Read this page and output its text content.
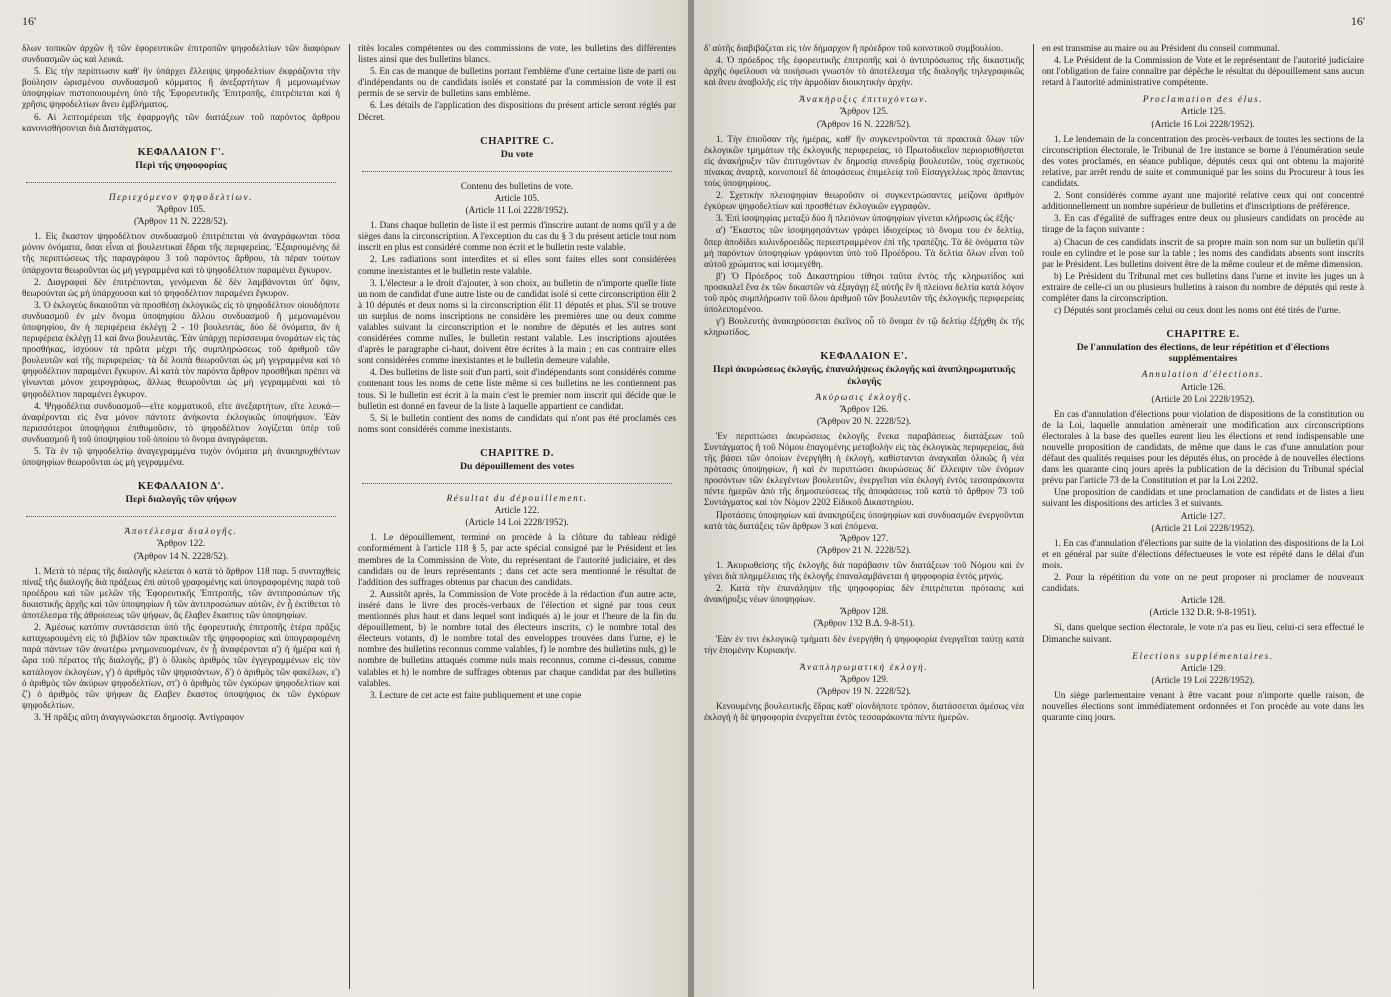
16'

δλων τοπικῶν ἀρχῶν ἢ τῶν ἐφορευτικῶν ἐπιτροπῶν ψηφοδελτίων τῶν διαφόρων συνδυασμῶν ὡς καὶ λευκά.

5. Εἰς τὴν περίπτωσιν καθ' ἣν ὑπάρχει ἔλλειψις ψηφοδελτίων ἐκφράζοντα τὴν βούλησιν ὡρισμένου συνδυασμοῦ κόμματος ἢ ἀνεξαρτήτων ἢ μεμονωμένων ὑποψηφίων πιστοποιουμένη ὑπὸ τῆς Ἐφορευτικῆς Ἐπιτροπῆς, ἐπιτρέπεται καὶ ἡ χρῆσις ψηφοδελτίων ἄνευ ἐμβλήματος.

6. Αἱ λεπτομέρειαι τῆς ἐφαρμογῆς τῶν διατάξεων τοῦ παρόντος ἄρθρου κανονισθήσονται διὰ Διατάγματος.

ΚΕΦΑΛΑΙΟΝ Γ'.
Περὶ τῆς ψηφοφορίας
Περιεχόμενον ψηφοδελτίων.
Ἄρθρον 105.
(Ἄρθρον 11 Ν. 2228/52).

1. Εἰς ἕκαστον ψηφοδέλτιον συνδυασμοῦ ἐπιτρέπεται νὰ ἀναγράφωνται τόσα μόνον ὀνόματα, ὅσαι εἶναι αἱ βουλευτικαὶ ἕδραι τῆς περιφερείας. Ἐξαιρουμένης δὲ τῆς περιπτώσεως τῆς παραγράφου 3 τοῦ παρόντος ἄρθρου, τὰ πέραν τούτων ὑπάρχοντα θεωροῦνται ὡς μὴ γεγραμμένα καὶ τὸ ψηφοδέλτιον παραμένει ἔγκυρον.

2. Διαγραφαὶ δὲν ἐπιτρέπονται, γενόμεναι δὲ δὲν λαμβάνονται ὑπ' ὄψιν, θεωρούνται ὡς μὴ ὑπάρχουσαι καὶ τὸ ψηφοδέλτιον παραμένει ἔγκυρον.

3. Ὁ ἐκλογεὺς δικαιοῦται νὰ προσθέσῃ ἐκλογικῶς εἰς τὸ ψηφοδέλτιον οἱουδήποτε συνδυασμοῦ ἐν μὲν ὄνομα ὑποψηφίου ἄλλου συνδυασμοῦ ἢ μεμονωμένου ὑποψηφίου, ἂν ἡ περιφέρεια ἐκλέγῃ 2 - 10 βουλευτάς, δύο δὲ ὀνόματα, ἂν ἡ περιφέρεια ἐκλέγῃ 11 καὶ ἄνω βουλευτάς. Ἐὰν ὑπάρχῃ περίσσευμα ὀνομάτων εἰς τὰς προσθήκας, ἰσχύουν τὰ πρῶτα μέχρι τῆς συμπληρώσεως τοῦ ἀριθμοῦ τῶν βουλευτῶν καὶ τῆς περιφερείας· τὰ δὲ λοιπὰ θεωροῦνται ὡς μὴ γεγραμμένα καὶ τὸ ψηφοδέλτιον παραμένει ἔγκυρον. Αἱ κατὰ τὸν παρόντα ἄρθρον προσθῆκαι πρέπει νὰ γίνωνται μόνον χειρογράφως, ἄλλως θεωροῦνται ὡς μὴ γεγραμμέναι καὶ τὸ ψηφοδέλτιον παραμένει ἔγκυρον.

4. Ψηφοδέλτια συνδυασμοῦ—εἴτε κομματικοῦ, εἴτε ἀνεξαρτήτων, εἴτε λευκά—ἀναφέρονται εἰς ἕνα μόνον πάντοτε ἀνήκοντα ἐκλογικῶς ὑποψήφιον. Ἐὰν περισσότεροι ὑποψήφιοι ἐπιθυμοῦσιν, τὸ ψηφοδέλτιον λογίζεται ὑπὲρ τοῦ συνδυασμοῦ ἢ τοῦ ὑποψηφίου τοῦ ὁποίου τὸ ὄνομα ἀναγράφεται.

5. Τὰ ἐν τῷ ψηφοδελτίῳ ἀναγεγραμμένα τυχὸν ὀνόματα μὴ ἀνακηρυχθέντων ὑποψηφίων θεωροῦνται ὡς μὴ γεγραμμένα.

ΚΕΦΑΛΑΙΟΝ Δ'.
Περὶ διαλογῆς τῶν ψήφων
Ἀποτέλεσμα διαλογῆς.
Ἄρθρον 122.
(Ἄρθρον 14 Ν. 2228/52).

1. Μετὰ τὸ πέρας τῆς διαλογῆς κλείεται ὁ κατὰ τὸ ἄρθρον 118 παρ. 5 συνταχθεὶς πίναξ τῆς διαλογῆς διὰ πράξεως ἐπὶ αὐτοῦ γραφομένης καὶ ὑπογραφομένης παρὰ τοῦ προέδρου καὶ τῶν μελῶν τῆς Ἐφορευτικῆς Ἐπιτροπῆς, τῶν ἀντιπροσώπων τῆς δικαστικῆς ἀρχῆς καὶ τῶν ὑποψηφίων ἢ τῶν ἀντιπροσώπων αὐτῶν, ἐν ᾗ ἐκτίθεται τὸ ἀποτέλεσμα τῆς ἀθροίσεως τῶν ψήφων, ἃς ἔλαβεν ἕκαστος τῶν ὑποψηφίων.

2. Ἀμέσως κατόπιν συντάσσεται ὑπὸ τῆς ἐφορευτικῆς ἐπιτροπῆς ἑτέρα πρᾶξις καταχωρουμένη εἰς τὸ βιβλίον τῶν πρακτικῶν τῆς ψηφοφορίας καὶ ὑπογραφομένη παρὰ πάντων τῶν ἀνωτέρω μνημονευομένων, ἐν ᾗ ἀναφέρονται α') ἡ ἡμέρα καὶ ἡ ὥρα τοῦ πέρατος τῆς διαλογῆς, β') ὁ ὅλικὸς ἀριθμὸς τῶν ἐγγεγραμμένων εἰς τὸν κατάλογον ἐκλογέων, γ') ὁ ἀριθμὸς τῶν ψηφισάντων, δ') ὁ ἀριθμὸς τῶν φακέλων, ε') ὁ ἀριθμὸς τῶν ἀκύρων ψηφοδελτίων, στ') ὁ ἀριθμὸς τῶν ἐγκύρων ψηφοδελτίων καὶ ζ') ὁ ἀριθμὸς τῶν ψήφων ἃς ἔλαβεν ἕκαστος ὑποψήφιος ἐκ τῶν ἐγκύρων ψηφοδελτίων.

3. Ἡ πρᾶξις αὕτη ἀναγιγνώσκεται δημοσίᾳ. Ἀντίγραφον

ritès locales compétentes ou des commissions de vote, les bulletins des différentes listes ainsi que des bulletins blancs.

5. En cas de manque de bulletins portant l'emblème d'une certaine liste de parti ou d'indépendants ou de candidats isolés et constaté par la commission de vote il est permis de se servir de bulletins sans emblème.

6. Les détails de l'application des dispositions du présent article seront réglés par Décret.

CHAPITRE C.
Du vote
Contenu des bulletins de vote.
Article 105.
(Article 11 Loi 2228/1952).

1. Dans chaque bulletin de liste il est permis d'inscrire autant de noms qu'il y a de sièges dans la circonscription. A l'exception du cas du § 3 du présent article tout nom inscrit en plus est considéré comme non écrit et le bulletin reste valable.

2. Les radiations sont interdites et si elles sont faites elles sont considérées comme inexistantes et le bulletin reste valable.

3. L'électeur a le droit d'ajouter, à son choix, au bulletin de n'importe quelle liste un nom de candidat d'une autre liste ou de candidat isolé si cette circonscription élit 2 à 10 députés et deux noms si la circonscription élit 11 députés et plus. S'il se trouve un surplus de noms inscriptions ne considère les premières une ou deux comme valables suivant la circonscription et le nombre de députés et les autres sont considérées comme nulles, le bulletin restant valable. Les inscriptions ajoutées d'après le paragraphe ci-haut, doivent être écrites à la main ; en cas contraire elles sont considérées comme inexistantes et le bulletin demeure valable.

4. Des bulletins de liste soit d'un parti, soit d'indépendants sont considérés comme contenant tous les noms de cette liste même si ces bulletins ne les contiennent pas tous. Si le bulletin est écrit à la main c'est le premier nom inscrit qui décide que le bulletin est donné en faveur de la liste à laquelle appartient ce candidat.

5. Si le bulletin contient des noms de candidats qui n'ont pas été proclamés ces noms sont considérés comme inexistants.

CHAPITRE D.
Du dépouillement des votes
Résultat du dépouillement.
Article 122.
(Article 14 Loi 2228/1952).

1. Le dépouillement, terminé on procède à la clôture du tableau rédigé conformément à l'article 118 § 5, par acte spécial consigné par le Président et les membres de la Commission de Vote, du représentant de l'autorité judiciaire, et des candidats ou de leurs représentants ; dans cet acte sera mentionné le résultat de l'addition des suffrages obtenus par chacun des candidats.

2. Aussitôt après, la Commission de Vote procède à la rédaction d'un autre acte, inséré dans le livre des procès-verbaux de l'élection et signé par tous ceux mentionnés plus haut et dans lequel sont indiqués a) le jour et l'heure de la fin du dépouillement, b) le nombre total des électeurs inscrits, c) le nombre total des électeurs votants, d) le nombre total des enveloppes trouvées dans l'urne, e) le nombre des bulletins reconnus comme valables, f) le nombre des bulletins nuls, g) le nombre de bulletins attaqués comme nuls mais reconnus, comme ci-dessus, comme valables et h) le nombre de suffrages obtenus par chaque candidat par des bulletins valables.

3. Lecture de cet acte est faite publiquement et une copie

16'

δ' αὐτῆς διαβιβάζεται εἰς τὸν δήμαρχον ἢ πρόεδρον τοῦ κοινοτικοῦ συμβουλίου.

4. Ὁ πρόεδρος τῆς ἐφορευτικῆς ἐπιτροπῆς καὶ ὁ ἀντιπρόσωπος τῆς δικαστικῆς ἀρχῆς ὀφείλουσι νὰ ποιήσωσι γνωστὸν τὸ ἀποτέλεσμα τῆς διαλογῆς τηλεγραφικῶς καὶ ἄνευ ἀναβολῆς εἰς τὴν ἁρμοδίαν διοικητικὴν ἀρχήν.

Ἀνακήρυξις ἐπιτυχόντων.
Ἄρθρον 125.
(Ἄρθρον 16 Ν. 2228/52).

1. Τὴν ἐπιοῦσαν τῆς ἡμέρας, καθ' ἣν συγκεντροῦνται τὰ πρακτικὰ ὅλων τῶν ἐκλογικῶν τμημάτων τῆς ἐκλογικῆς περιφερείας, τὸ Πρωτοδικεῖον περιορισθήσεται εἰς ἀνακήρυξιν τῶν ἐπιτυχόντων ἐν δημοσίᾳ συνεδρίᾳ βουλευτῶν, τοὺς σχετικοὺς πίνακας ἀναρτᾷ, κοινοποιεῖ δὲ ἀποφάσεως ἐπιμελείᾳ τοῦ Εἰσαγγελέως πρὸς ἅπαντας τοὺς ὑποψηφίους.

2. Σχετικὴν πλειοψηφίαν θεωροῦσιν οἱ συγκεντρώσαντες μείζονα ἀριθμὸν ἐγκύρων ψηφοδελτίων καὶ προσθέτων ἐκλογικῶν εγγραφῶν.

3. Ἐπὶ ἰσοψηφίας μεταξὺ δύο ἢ πλειόνων ὑποψηφίων γίνεται κλήρωσις ὡς ἑξῆς·

α') Ἕκαστος τῶν ἰσοψηφησάντων γράφει ἰδιοχείρως τὸ ὄνομα του ἐν δελτίῳ, ὅπερ ἀποδίδει κυλινδροειδῶς περιεστραμμένον ἐπὶ τῆς τραπέζης. Τὰ δὲ ὀνόματα τῶν μὴ παρόντων ὑποψηφίων γράφονται ὑπὸ τοῦ Προέδρου. Τὰ δελτία ὅλων εἶναι τοῦ αὐτοῦ χρώματος καὶ ἰσομεγέθη.

β') Ὁ Πρόεδρος τοῦ Δικαστηρίου τίθησι ταῦτα ἐντὸς τῆς κληρωτίδος καὶ προσκαλεῖ ἕνα ἐκ τῶν δικαστῶν νὰ ἐξαγάγῃ ἐξ αὐτῆς ἓν ἢ πλείονα δελτία κατὰ λόγον τοῦ πρὸς συμπλήρωσιν τοῦ ὅλου ἀριθμοῦ τῶν βουλευτῶν τῆς ἐκλογικῆς περιφερείας ὑπολειπομένου.

γ') Βουλευτὴς ἀνακηρύσσεται ἐκεῖνος οὗ τὸ ὄνομα ἐν τῷ δελτίῳ ἐξήχθη ἐκ τῆς κληρωτίδος.

ΚΕΦΑΛΑΙΟΝ Ε'.
Περὶ ἀκυρώσεως ἐκλογῆς, ἐπαναλήψεως ἐκλογῆς καὶ ἀναπληρωματικῆς ἐκλογῆς
Ἀκύρωσις ἐκλογῆς.
Ἄρθρον 126.
(Ἄρθρον 20 Ν. 2228/52).

Ἐν περιπτώσει ἀκυρώσεως ἐκλογῆς ἕνεκα παραβάσεως διατάξεων τοῦ Συντάγματος ἢ τοῦ Νόμου ἐπαγομένης μεταβολὴν εἰς τὰς ἐκλογικὰς περιφερείας, διὰ τῆς βάσει τῶν ὁποίων ἐνεργήθη ἡ ἐκλογή, καθίστανται ἀναγκαῖαι ὁλικῶς ἢ νέα πρότασις ὑποψηφίων, ἢ καὶ ἐν περιπτώσει ἀκυρώσεως δι' ἔλλειψιν τῶν ἐνόμων προσόντων τῶν ἐκλεγέντων βουλευτῶν, ἐνεργεῖται νέα ἐκλογὴ ἐντὸς τεσσαράκοντα πέντε ἡμερῶν ἀπὸ τῆς δημοσιεύσεως τῆς ἀποφάσεως τοῦ κατὰ τὸ ἄρθρον 73 τοῦ Συντάγματος καὶ τὸν Νόμον 2202 Εἰδικοῦ Δικαστηρίου.

Προτάσεις ὑποψηφίων καὶ ἀνακηρύξεις ὑποψηφίων καὶ συνδυασμῶν ἐνεργοῦνται κατὰ τὰς διατάξεις τῶν ἄρθρων 3 καὶ ἐπόμενα.

Ἄρθρον 127.
(Ἄρθρον 21 Ν. 2228/52).

1. Ἀκυρωθείσης τῆς ἐκλογῆς διὰ παράβασιν τῶν διατάξεων τοῦ Νόμου καὶ ἐν γένει διὰ πλημμέλειας τῆς ἐκλογῆς ἐπαναλαμβάνεται ἡ ψηφοφορία ἐντὸς μηνός.

2. Κατὰ τὴν ἐπανάληψιν τῆς ψηφοφορίας δὲν ἐπιτρέπεται πρότασις καὶ ἀνακήρυξις νέων ὑποψηφίων.

Ἄρθρον 128.
(Ἄρθρον 132 Β.Δ. 9-8-51).

Ἐὰν ἐν τινι ἐκλογικῷ τμήματι δὲν ἐνεργήθη ἡ ψηφοφορία ἐνεργεῖται ταύτῃ κατὰ τὴν ἑπομένην Κυριακήν.

Ἀναπληρωματικὴ ἐκλογή.
Ἄρθρον 129.
(Ἄρθρον 19 Ν. 2228/52).

Κενουμένης βουλευτικῆς ἕδρας καθ' οἱονδήποτε τρόπον, διατάσσεται ἀμέσως νέα ἐκλογὴ ἡ δὲ ψηφοφορία ἐνεργεῖται ἐντὸς τεσσαράκοντα πέντε ἡμερῶν.

en est transmise au maire ou au Président du conseil communal.

4. Le Président de la Commission de Vote et le représentant de l'autorité judiciaire ont l'obligation de faire connaître par dépêche le résultat du dépouillement sans aucun retard à l'autorité administrative compétente.

Proclamation des élus.
Article 125.
(Article 16 Loi 2228/1952).

1. Le lendemain de la concentration des procès-verbaux de toutes les sections de la circonscription électorale, le Tribunal de 1re instance se borne à l'énumération seule des votes proclamés, en séance publique, députés ceux qui ont obtenu la majorité relative, par arrêt rendu de suite et communiqué par les soins du Procureur à tous les candidats.

2. Sont considérés comme ayant une majorité relative ceux qui ont concentré additionnellement un nombre supérieur de bulletins et d'inscriptions de préférence.

3. En cas d'égalité de suffrages entre deux ou plusieurs candidats on procède au tirage de la façon suivante :

a) Chacun de ces candidats inscrit de sa propre main son nom sur un bulletin qu'il roule en cylindre et le pose sur la table ; les noms des candidats absents sont inscrits par le Président. Les bulletins doivent être de la même couleur et de même dimension.

b) Le Président du Tribunal met ces bulletins dans l'urne et invite les juges un à extraire de celle-ci un ou plusieurs bulletins à raison du nombre de députés qui reste à compléter dans la circonscription.

c) Députés sont proclamés celui ou ceux dont les noms ont été tirés de l'urne.

CHAPITRE E.
De l'annulation des élections, de leur répétition et d'élections supplémentaires
Annulation d'élections.
Article 126.
(Article 20 Loi 2228/1952).

En cas d'annulation d'élections pour violation de dispositions de la constitution ou de la Loi, laquelle annulation amènerait une modification aux circonscriptions électorales à la base des quelles eurent lieu les élections et rend indispensable une nouvelle proposition de candidats, de même que dans le cas d'une annulation pour défaut des qualités requises pour les députés élus, on procède à de nouvelles élections dans les quarante cinq jours après la publication de la décision du Tribunal spécial prévu par l'article 73 de la Constitution et par la Loi 2202.

Une proposition de candidats et une proclamation de candidats et de listes a lieu suivant les dispositions des articles 3 et suivants.

Article 127.
(Article 21 Loi 2228/1952).

1. En cas d'annulation d'élections par suite de la violation des dispositions de la Loi et en général par suite d'élections défectueuses le vote est répété dans le délai d'un mois.

2. Pour la répétition du vote on ne peut proposer ni proclamer de nouveaux candidats.

Article 128.
(Article 132 D.R. 9-8-1951).

Si, dans quelque section électorale, le vote n'a pas eu lieu, celui-ci sera effectué le Dimanche suivant.

Elections supplémentaires.
Article 129.
(Article 19 Loi 2228/1952).

Un siège parlementaire venant à être vacant pour n'importe quelle raison, de nouvelles élections sont immédiatement ordonnées et l'on procède au vote dans les quarante cinq jours.
